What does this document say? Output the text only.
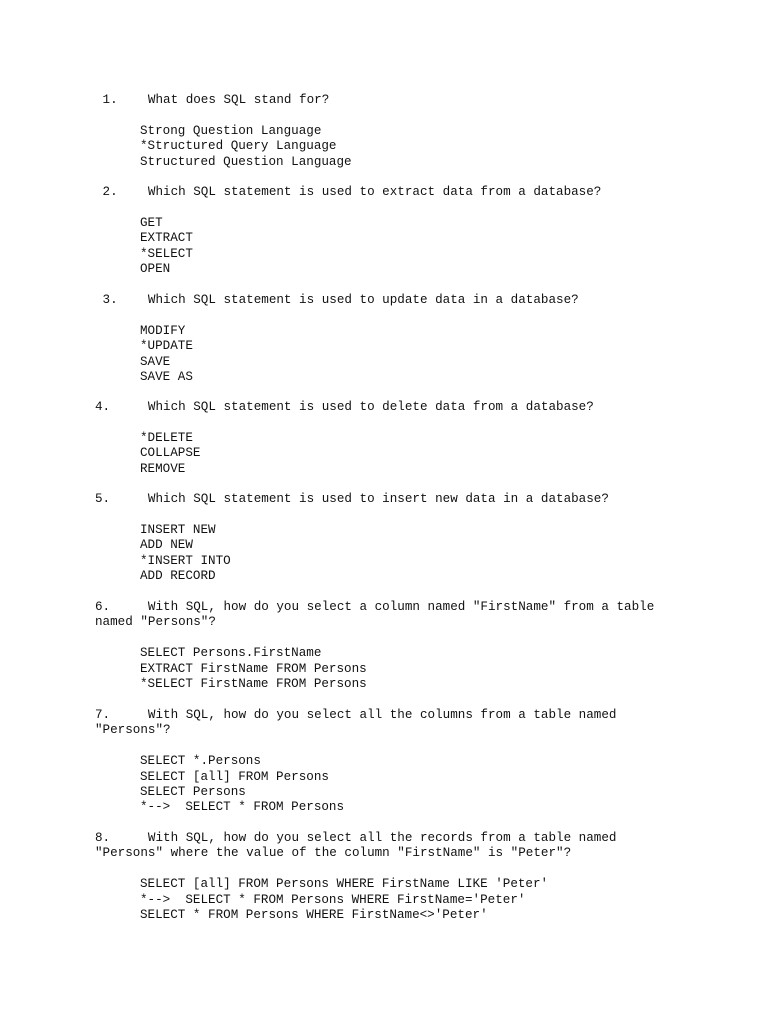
1.    What does SQL stand for?
Strong Question Language
*Structured Query Language
Structured Question Language
2.    Which SQL statement is used to extract data from a database?
GET
EXTRACT
*SELECT
OPEN
3.    Which SQL statement is used to update data in a database?
MODIFY
*UPDATE
SAVE
SAVE AS
4.     Which SQL statement is used to delete data from a database?
*DELETE
COLLAPSE
REMOVE
5.     Which SQL statement is used to insert new data in a database?
INSERT NEW
ADD NEW
*INSERT INTO
ADD RECORD
6.     With SQL, how do you select a column named "FirstName" from a table
named "Persons"?
SELECT Persons.FirstName
EXTRACT FirstName FROM Persons
*SELECT FirstName FROM Persons
7.     With SQL, how do you select all the columns from a table named
"Persons"?
SELECT *.Persons
SELECT [all] FROM Persons
SELECT Persons
*-->  SELECT * FROM Persons
8.     With SQL, how do you select all the records from a table named
"Persons" where the value of the column "FirstName" is "Peter"?
SELECT [all] FROM Persons WHERE FirstName LIKE 'Peter'
*-->  SELECT * FROM Persons WHERE FirstName='Peter'
SELECT * FROM Persons WHERE FirstName<>'Peter'
